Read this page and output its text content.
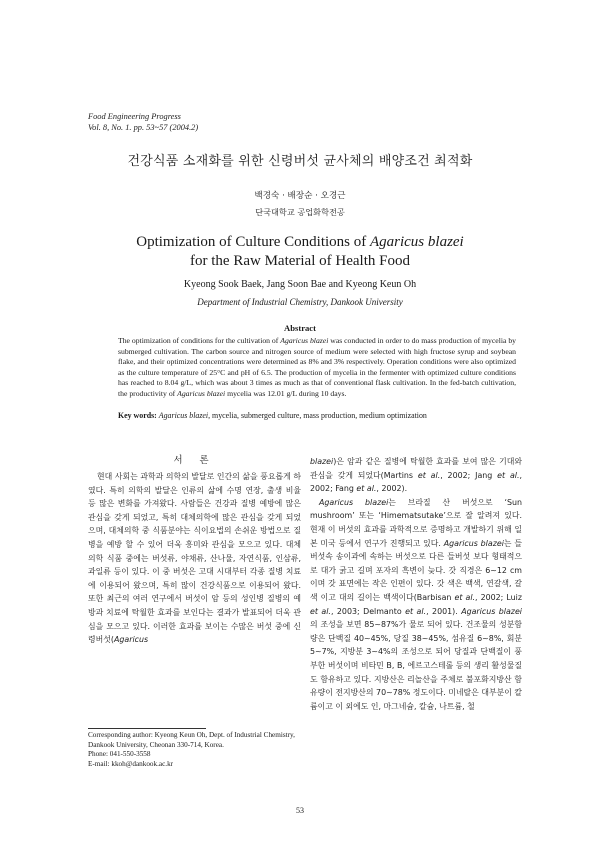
Food Engineering Progress
Vol. 8, No. 1. pp. 53~57 (2004.2)
건강식품 소재화를 위한 신령버섯 균사체의 배양조건 최적화
백경숙 · 배장순 · 오경근
단국대학교 공업화학전공
Optimization of Culture Conditions of Agaricus blazei
for the Raw Material of Health Food
Kyeong Sook Baek, Jang Soon Bae and Kyeong Keun Oh
Department of Industrial Chemistry, Dankook University
Abstract
The optimization of conditions for the cultivation of Agaricus blazei was conducted in order to do mass production of mycelia by submerged cultivation. The carbon source and nitrogen source of medium were selected with high fructose syrup and soybean flake, and their optimized concentrations were determined as 8% and 3% respectively. Operation conditions were also optimized as the culture temperature of 25°C and pH of 6.5. The production of mycelia in the fermenter with optimized culture conditions has reached to 8.04 g/L, which was about 3 times as much as that of conventional flask cultivation. In the fed-batch cultivation, the productivity of Agaricus blazei mycelia was 12.01 g/L during 10 days.
Key words: Agaricus blazei, mycelia, submerged culture, mass production, medium optimization
서 론

현대 사회는 과학과 의학의 발달로 인간의 삶을 풍요롭게 하였다. 특히 의학의 발달은 인류의 삶에 수명 연장, 출생 비율 등 많은 변화를 가져왔다. 사람들은 건강과 질병 예방에 많은 관심을 갖게 되었고, 특히 대체의학에 많은 관심을 갖게 되었으며, 대체의학 중 식품분야는 식이요법의 손쉬운 방법으로 질병을 예방 할 수 있어 더욱 흥미와 관심을 모으고 있다. 대체 의학 식품 중에는 버섯류, 야채류, 산나물, 자연식품, 인삼류, 과일류 등이 있다. 이 중 버섯은 고대 시대부터 각종 질병 치료에 이용되어 왔으며, 특히 많이 건강식품으로 이용되어 왔다. 또한 최근의 여러 연구에서 버섯이 암 등의 성인병 질병의 예방과 치료에 탁월한 효과를 보인다는 결과가 발표되어 더욱 관심을 모으고 있다. 이러한 효과를 보이는 수많은 버섯 중에 신령버섯(Agaricus

Corresponding author: Kyeong Keun Oh, Dept. of Industrial Chemistry, Dankook University, Cheonan 330-714, Korea.
Phone: 041-550-3558
E-mail: kkoh@dankook.ac.kr

blazei)은 암과 같은 질병에 탁월한 효과를 보여 많은 기대와 관심을 갖게 되었다(Martins et al., 2002; Jang et al., 2002; Fang et al., 2002).

Agaricus blazei는 브라질 산 버섯으로 ‘Sun mushroom’ 또는 ‘Himematsutake’으로 잘 알려져 있다. 현재 이 버섯의 효과를 과학적으로 증명하고 개발하기 위해 일본 미국 등에서 연구가 진행되고 있다. Agaricus blazei는 들버섯속 송이과에 속하는 버섯으로 다른 들버섯 보다 형태적으로 대가 굵고 길며 포자의 흑변이 늦다. 갓 직경은 6~12 cm 이며 갓 표면에는 작은 인편이 있다. 갓 색은 백색, 연갈색, 갈색 이고 대의 길이는 백색이다(Barbisan et al., 2002; Luiz et al., 2003; Delmanto et al., 2001). Agaricus blazei의 조성을 보면 85~87%가 물로 되어 있다. 건조물의 성분함량은 단백질 40~45%, 당질 38~45%, 섬유질 6~8%, 회분 5~7%, 지방분 3~4%의 조성으로 되어 당질과 단백질이 풍부한 버섯이며 비타민 B, B, 에르고스테롤 등의 생리 활성물질도 함유하고 있다. 지방산은 리놀산을 주체로 불포화지방산 함유량이 전지방산의 70~78% 정도이다. 미네랄은 대부분이 칼륨이고 이 외에도 인, 마그네슘, 칼슘, 나트륨, 철

53
